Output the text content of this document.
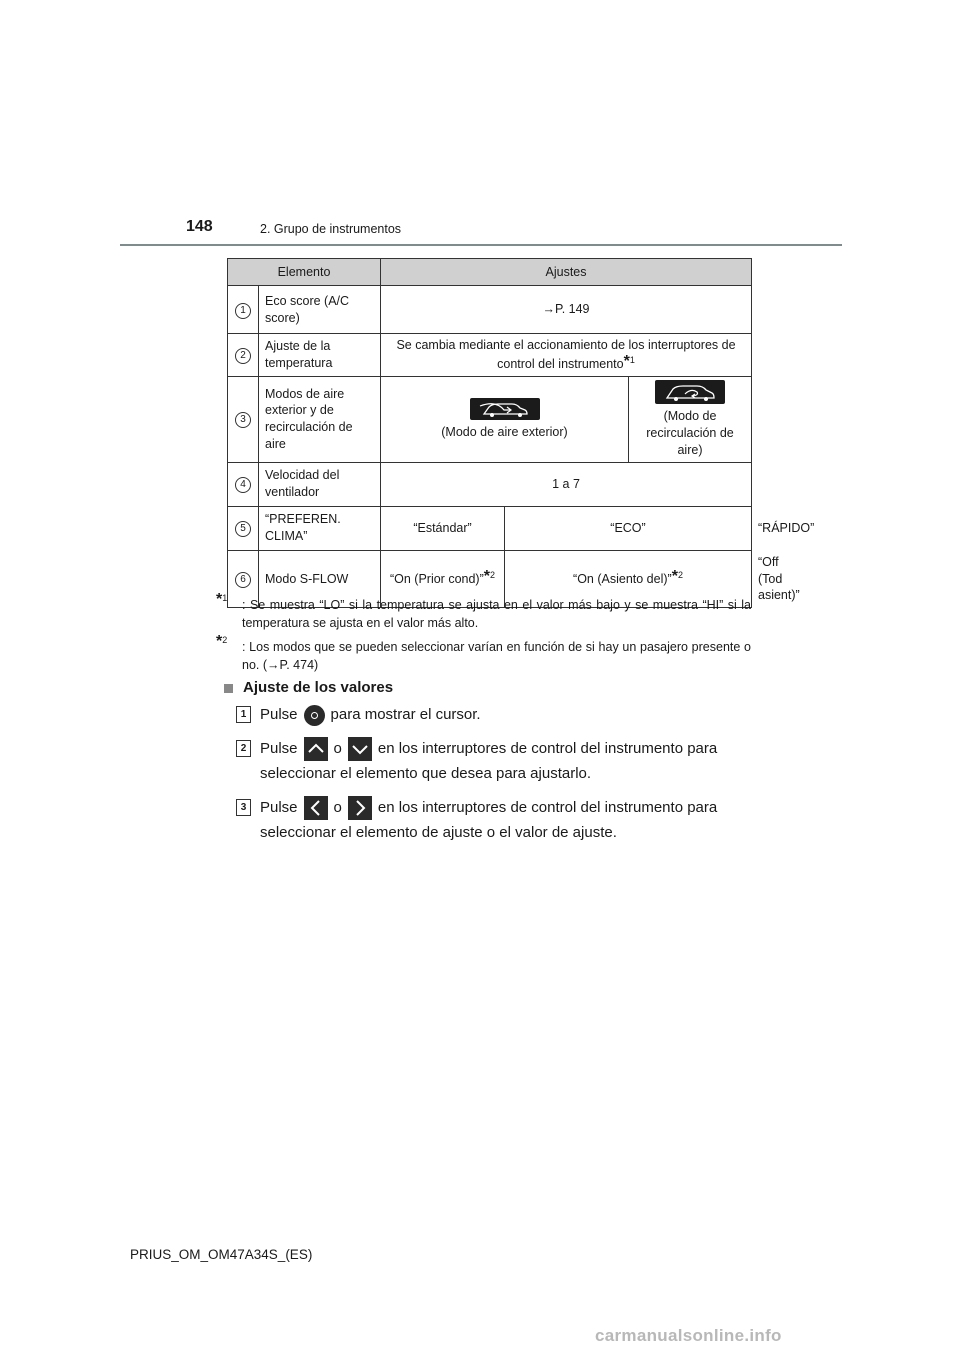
148	2. Grupo de instrumentos
Elemento		Ajustes			
1	Eco score (A/C score)	→P. 149			
2	Ajuste de la temperatura	Se cambia mediante el accionamiento de los interruptores de control del instrumento*$^1$
3	Modos de aire exterior y de recirculación de aire	(Modo de aire exterior)		(Modo de recirculación de aire)	
4	Velocidad del ventilador	1 a 7			
5	“PREFEREN. CLIMA”	“Estándar”	“ECO”		“RÁPIDO”
6	Modo S-FLOW	“On (Prior cond)”*$^2$	“On (Asiento del)”*$^2$		“Off (Tod asient)”
*$^1$ : Se muestra “LO” si la temperatura se ajusta en el valor más bajo y se muestra “HI” si la temperatura se ajusta en el valor más alto.
*$^2$ : Los modos que se pueden seleccionar varían en función de si hay un pasajero presente o no. (→P. 474)
Ajuste de los valores
1 Pulse para mostrar el cursor.
2 Pulse o en los interruptores de control del instrumento para
seleccionar el elemento que desea para ajustarlo.
3 Pulse o en los interruptores de control del instrumento para
seleccionar el elemento de ajuste o el valor de ajuste.
PRIUS_OM_OM47A34S_(ES)
carmanualsonline.info
